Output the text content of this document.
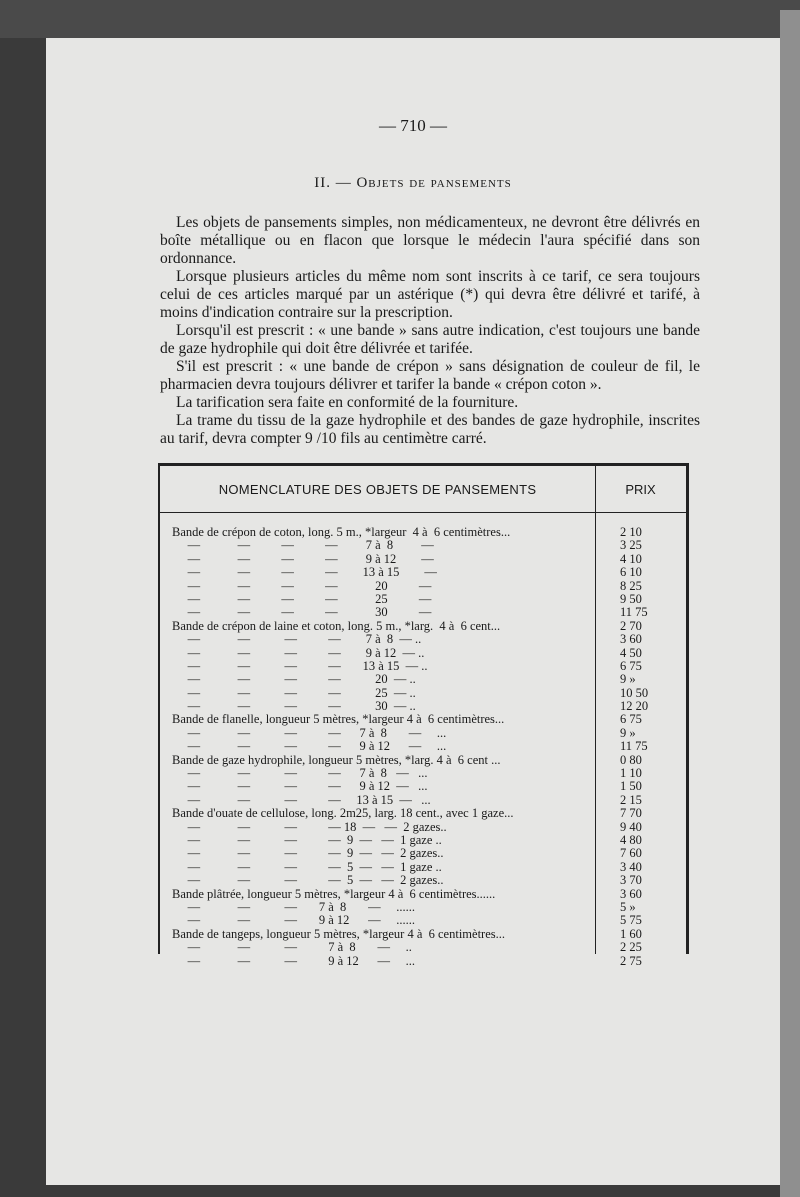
— 710 —
II. — Objets de pansements

Les objets de pansements simples, non médicamenteux, ne devront être délivrés en boîte métallique ou en flacon que lorsque le médecin l'aura spécifié dans son ordonnance.

Lorsque plusieurs articles du même nom sont inscrits à ce tarif, ce sera toujours celui de ces articles marqué par un astérique (*) qui devra être délivré et tarifé, à moins d'indication contraire sur la prescription.

Lorsqu'il est prescrit : « une bande » sans autre indication, c'est toujours une bande de gaze hydrophile qui doit être délivrée et tarifée.

S'il est prescrit : « une bande de crépon » sans désignation de couleur de fil, le pharmacien devra toujours délivrer et tarifer la bande « crépon coton ».

La tarification sera faite en conformité de la fourniture.

La trame du tissu de la gaze hydrophile et des bandes de gaze hydrophile, inscrites au tarif, devra compter 9 /10 fils au centimètre carré.

NOMENCLATURE DES OBJETS DE PANSEMENTS	PRIX
Bande de crépon de coton, long. 5 m., *largeur  4 à  6 centimètres...	2 10
—            —          —          —         7 à  8         —	3 25
—            —          —          —         9 à 12        —	4 10
—            —          —          —        13 à 15        —	6 10
—            —          —          —            20          —	8 25
—            —          —          —            25          —	9 50
—            —          —          —            30          —	11 75
Bande de crépon de laine et coton, long. 5 m., *larg.  4 à  6 cent...	2 70
—            —           —          —        7 à  8  — ..	3 60
—            —           —          —        9 à 12  — ..	4 50
—            —           —          —       13 à 15  — ..	6 75
—            —           —          —           20  — ..	9 »
—            —           —          —           25  — ..	10 50
—            —           —          —           30  — ..	12 20
Bande de flanelle, longueur 5 mètres, *largeur 4 à  6 centimètres...	6 75
—            —           —          —      7 à  8       —     ...	9 »
—            —           —          —      9 à 12      —     ...	11 75
Bande de gaze hydrophile, longueur 5 mètres, *larg. 4 à  6 cent ...	0 80
—            —           —          —      7 à  8   —   ...	1 10
—            —           —          —      9 à 12  —   ...	1 50
—            —           —          —     13 à 15  —   ...	2 15
Bande d'ouate de cellulose, long. 2m25, larg. 18 cent., avec 1 gaze...	7 70
—            —           —          — 18  —   —  2 gazes..	9 40
—            —           —          —  9  —   —  1 gaze ..	4 80
—            —           —          —  9  —   —  2 gazes..	7 60
—            —           —          —  5  —   —  1 gaze ..	3 40
—            —           —          —  5  —   —  2 gazes..	3 70
Bande plâtrée, longueur 5 mètres, *largeur 4 à  6 centimètres......	3 60
—            —           —       7 à  8       —     ......	5 »
—            —           —       9 à 12      —     ......	5 75
Bande de tangeps, longueur 5 mètres, *largeur 4 à  6 centimètres...	1 60
—            —           —          7 à  8       —     ..	2 25
—            —           —          9 à 12      —     ...	2 75
